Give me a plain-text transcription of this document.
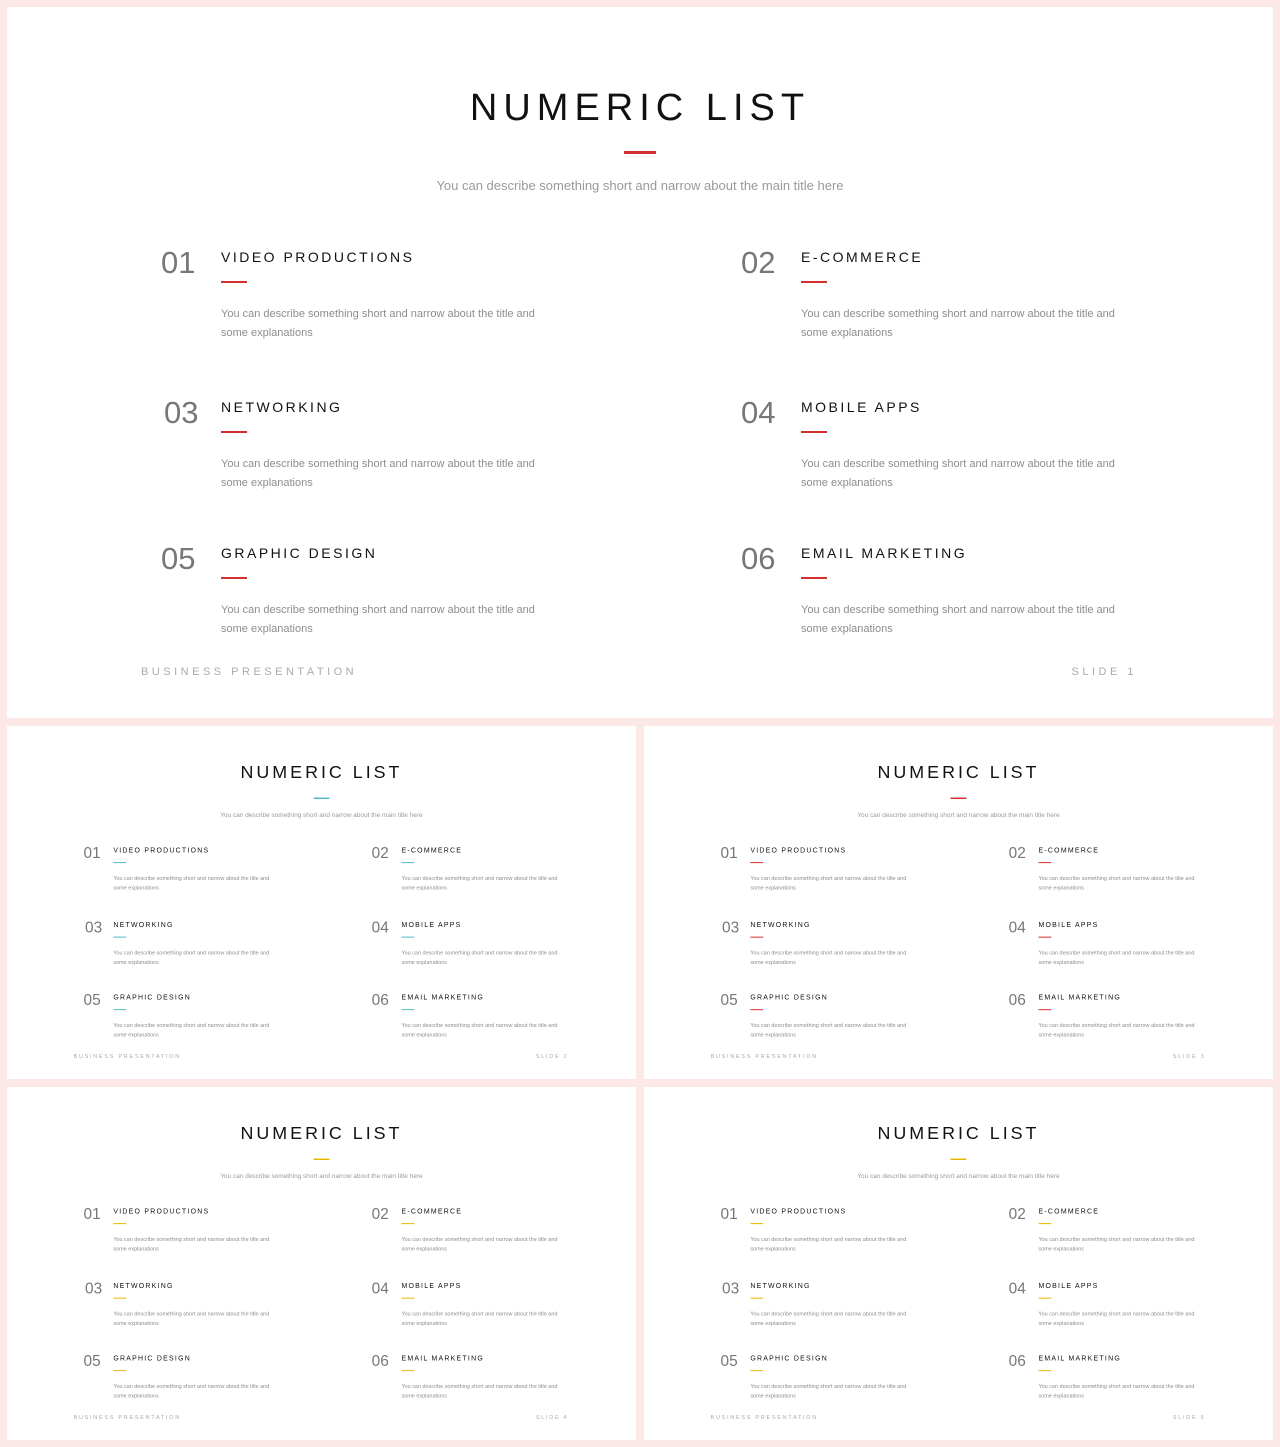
NUMERIC LIST
You can describe something short and narrow about the main title here
01	VIDEO PRODUCTIONS
You can describe something short and narrow about the title and some explanations
02	E-COMMERCE
You can describe something short and narrow about the title and some explanations
03	NETWORKING
You can describe something short and narrow about the title and some explanations
04	MOBILE APPS
You can describe something short and narrow about the title and some explanations
05	GRAPHIC DESIGN
You can describe something short and narrow about the title and some explanations
06	EMAIL MARKETING
You can describe something short and narrow about the title and some explanations
BUSINESS PRESENTATION	SLIDE 1
NUMERIC LIST
You can describe something short and narrow about the main title here
01 VIDEO PRODUCTIONS
You can describe something short and narrow about the title and some explanations
02 E-COMMERCE
You can describe something short and narrow about the title and some explanations
03 NETWORKING
You can describe something short and narrow about the title and some explanations
04 MOBILE APPS
You can describe something short and narrow about the title and some explanations
05 GRAPHIC DESIGN
You can describe something short and narrow about the title and some explanations
06 EMAIL MARKETING
You can describe something short and narrow about the title and some explanations
BUSINESS PRESENTATION	SLIDE 2
NUMERIC LIST
You can describe something short and narrow about the main title here
01 VIDEO PRODUCTIONS
You can describe something short and narrow about the title and some explanations
02 E-COMMERCE
You can describe something short and narrow about the title and some explanations
03 NETWORKING
You can describe something short and narrow about the title and some explanations
04 MOBILE APPS
You can describe something short and narrow about the title and some explanations
05 GRAPHIC DESIGN
You can describe something short and narrow about the title and some explanations
06 EMAIL MARKETING
You can describe something short and narrow about the title and some explanations
BUSINESS PRESENTATION	SLIDE 3
NUMERIC LIST
You can describe something short and narrow about the main title here
01 VIDEO PRODUCTIONS
You can describe something short and narrow about the title and some explanations
02 E-COMMERCE
You can describe something short and narrow about the title and some explanations
03 NETWORKING
You can describe something short and narrow about the title and some explanations
04 MOBILE APPS
You can describe something short and narrow about the title and some explanations
05 GRAPHIC DESIGN
You can describe something short and narrow about the title and some explanations
06 EMAIL MARKETING
You can describe something short and narrow about the title and some explanations
BUSINESS PRESENTATION	SLIDE 4
NUMERIC LIST
You can describe something short and narrow about the main title here
01 VIDEO PRODUCTIONS
You can describe something short and narrow about the title and some explanations
02 E-COMMERCE
You can describe something short and narrow about the title and some explanations
03 NETWORKING
You can describe something short and narrow about the title and some explanations
04 MOBILE APPS
You can describe something short and narrow about the title and some explanations
05 GRAPHIC DESIGN
You can describe something short and narrow about the title and some explanations
06 EMAIL MARKETING
You can describe something short and narrow about the title and some explanations
BUSINESS PRESENTATION	SLIDE 5
